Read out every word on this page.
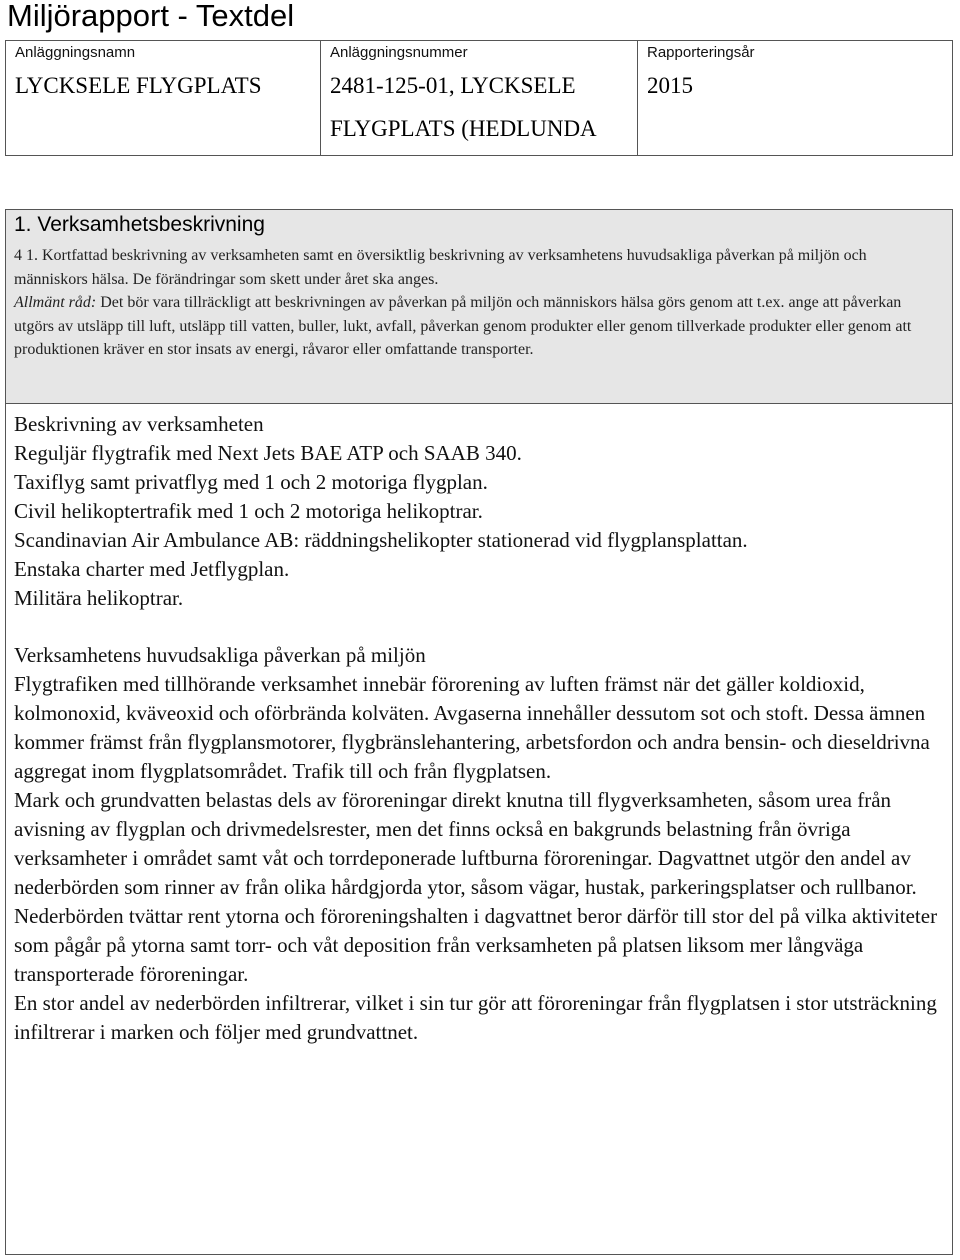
Miljörapport - Textdel
Anläggningsnamn
LYCKSELE FLYGPLATS

Anläggningsnummer
2481-125-01, LYCKSELE FLYGPLATS (HEDLUNDA

Rapporteringsår
2015
1. Verksamhetsbeskrivning
4 1. Kortfattad beskrivning av verksamheten samt en översiktlig beskrivning av verksamhetens huvudsakliga påverkan på miljön och människors hälsa. De förändringar som skett under året ska anges.
Allmänt råd: Det bör vara tillräckligt att beskrivningen av påverkan på miljön och människors hälsa görs genom att t.ex. ange att påverkan utgörs av utsläpp till luft, utsläpp till vatten, buller, lukt, avfall, påverkan genom produkter eller genom tillverkade produkter eller genom att produktionen kräver en stor insats av energi, råvaror eller omfattande transporter.
Beskrivning av verksamheten

Reguljär flygtrafik med Next Jets BAE ATP och SAAB 340.

Taxiflyg samt privatflyg med 1 och 2 motoriga flygplan.

Civil helikoptertrafik med 1 och 2 motoriga helikoptrar.

Scandinavian Air Ambulance AB: räddningshelikopter stationerad vid flygplansplattan.

Enstaka charter med Jetflygplan.

Militära helikoptrar.

Verksamhetens huvudsakliga påverkan på miljön

Flygtrafiken med tillhörande verksamhet innebär förorening av luften främst när det gäller koldioxid, kolmonoxid, kväveoxid och oförbrända kolväten. Avgaserna innehåller dessutom sot och stoft. Dessa ämnen kommer främst från flygplansmotorer, flygbränslehantering, arbetsfordon och andra bensin- och dieseldrivna aggregat inom flygplatsområdet. Trafik till och från flygplatsen.

Mark och grundvatten belastas dels av föroreningar direkt knutna till flygverksamheten, såsom urea från avisning av flygplan och drivmedelsrester, men det finns också en bakgrunds belastning från övriga verksamheter i området samt våt och torrdeponerade luftburna föroreningar. Dagvattnet utgör den andel av nederbörden som rinner av från olika hårdgjorda ytor, såsom vägar, hustak, parkeringsplatser och rullbanor. Nederbörden tvättar rent ytorna och föroreningshalten i dagvattnet beror därför till stor del på vilka aktiviteter som pågår på ytorna samt torr- och våt deposition från verksamheten på platsen liksom mer långväga transporterade föroreningar.

En stor andel av nederbörden infiltrerar, vilket i sin tur gör att föroreningar från flygplatsen i stor utsträckning infiltrerar i marken och följer med grundvattnet.
